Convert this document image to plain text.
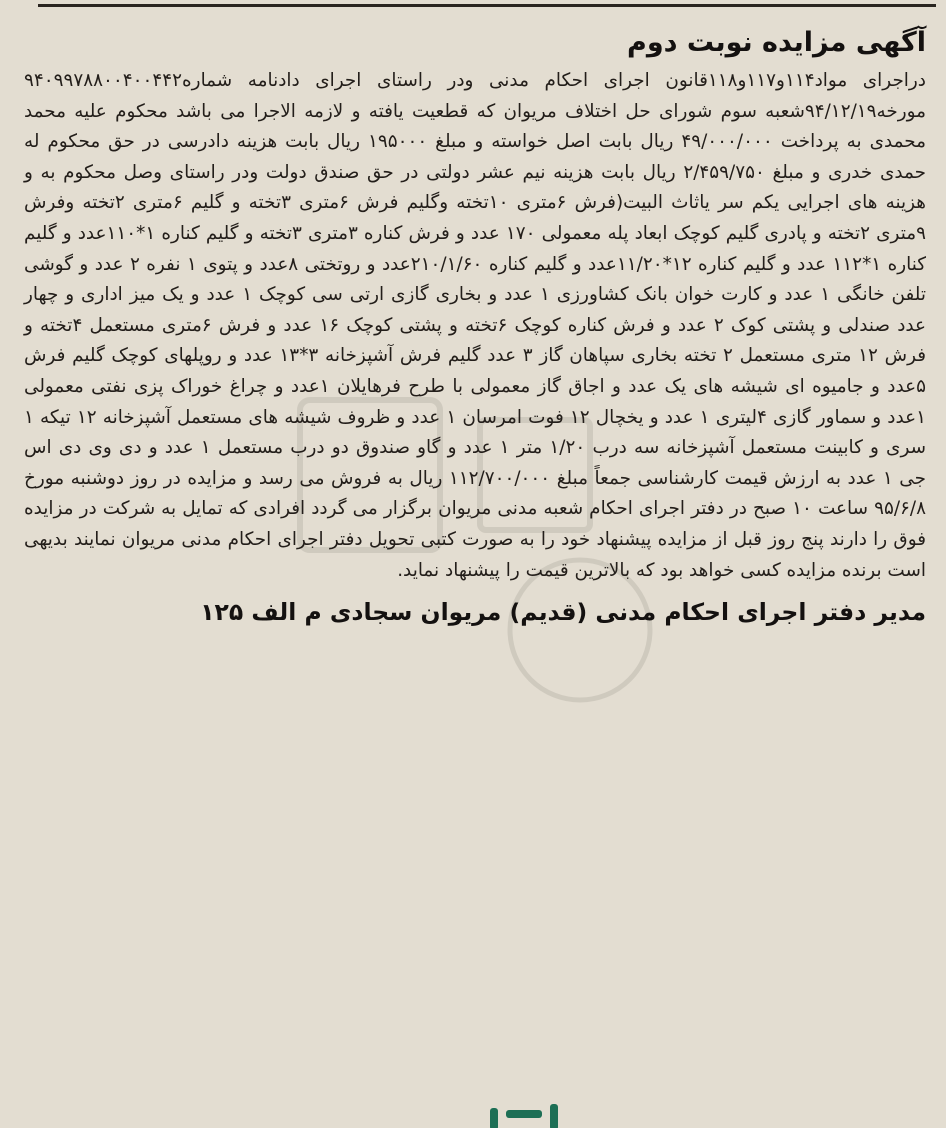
آگهی مزایده نوبت دوم

دراجرای مواد۱۱۴و۱۱۷و۱۱۸قانون اجرای احکام مدنی ودر راستای اجرای دادنامه شماره۹۴۰۹۹۷۸۸۰۰۴۰۰۴۴۲ مورخه۹۴/۱۲/۱۹شعبه سوم شورای حل اختلاف مریوان که قطعیت یافته و لازمه الاجرا می باشد محکوم علیه محمد محمدی به پرداخت ۴۹/۰۰۰/۰۰۰ ریال بابت اصل خواسته و مبلغ ۱۹۵۰۰۰ ریال بابت هزینه دادرسی در حق محکوم له حمدی خدری و مبلغ ۲/۴۵۹/۷۵۰ ریال بابت هزینه نیم عشر دولتی در حق صندق دولت ودر راستای وصل محکوم به و هزینه های اجرایی یکم سر یاثاث البیت(فرش ۶متری ۱۰تخته وگلیم فرش ۶متری ۳تخته و گلیم ۶متری ۲تخته وفرش ۹متری ۲تخته و پادری گلیم کوچک ابعاد پله معمولی ۱۷۰ عدد و فرش کناره ۳متری ۳تخته و گلیم کناره ۱*۱۱۰عدد و گلیم کناره ۱*۱۱۲ عدد و گلیم کناره ۱۲*۱۱/۲۰عدد و گلیم کناره ۲۱۰/۱/۶۰عدد و روتختی ۸عدد و پتوی ۱ نفره ۲ عدد و گوشی تلفن خانگی ۱ عدد و کارت خوان بانک کشاورزی ۱ عدد و بخاری گازی ارتی سی کوچک ۱ عدد و یک میز اداری و چهار عدد صندلی و پشتی کوک ۲ عدد و فرش کناره کوچک ۶تخته و پشتی کوچک ۱۶ عدد و فرش ۶متری مستعمل ۴تخته و فرش ۱۲ متری مستعمل ۲ تخته بخاری سپاهان گاز ۳ عدد گلیم فرش آشپزخانه ۳*۱۳ عدد و روپلهای کوچک گلیم فرش ۵عدد و جامیوه ای شیشه های یک عدد و اجاق گاز معمولی با طرح فرهایلان ۱عدد و چراغ خوراک پزی نفتی معمولی ۱عدد و سماور گازی ۴لیتری ۱ عدد و یخچال ۱۲ فوت امرسان ۱ عدد و ظروف شیشه های مستعمل آشپزخانه ۱۲ تیکه ۱ سری و کابینت مستعمل آشپزخانه سه درب ۱/۲۰ متر ۱ عدد و گاو صندوق دو درب مستعمل ۱ عدد و دی وی دی اس جی ۱ عدد به ارزش قیمت کارشناسی جمعاً مبلغ ۱۱۲/۷۰۰/۰۰۰ ریال به فروش می رسد و مزایده در روز دوشنبه مورخ ۹۵/۶/۸ ساعت ۱۰ صبح در دفتر اجرای احکام شعبه مدنی مریوان برگزار می گردد افرادی که تمایل به شرکت در مزایده فوق را دارند پنج روز قبل از مزایده پیشنهاد خود را به صورت کتبی تحویل دفتر اجرای احکام مدنی مریوان نمایند بدیهی است برنده مزایده کسی خواهد بود که بالاترین قیمت را پیشنهاد نماید.

مدیر دفتر اجرای احکام مدنی (قدیم) مریوان سجادی م الف ۱۲۵
